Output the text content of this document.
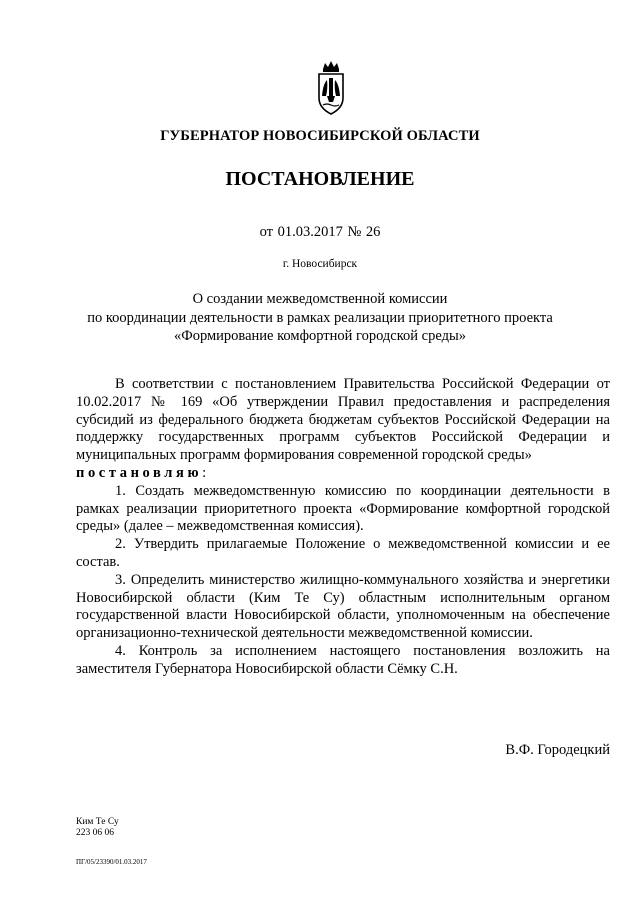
ГУБЕРНАТОР НОВОСИБИРСКОЙ ОБЛАСТИ
ПОСТАНОВЛЕНИЕ
от 01.03.2017 № 26
г. Новосибирск
О создании межведомственной комиссии
по координации деятельности в рамках реализации приоритетного проекта
«Формирование комфортной городской среды»

В соответствии с постановлением Правительства Российской Федерации от 10.02.2017 № 169 «Об утверждении Правил предоставления и распределения субсидий из федерального бюджета бюджетам субъектов Российской Федерации на поддержку государственных программ субъектов Российской Федерации и муниципальных программ формирования современной городской среды»
постановляю:

1. Создать межведомственную комиссию по координации деятельности в рамках реализации приоритетного проекта «Формирование комфортной городской среды» (далее – межведомственная комиссия).

2. Утвердить прилагаемые Положение о межведомственной комиссии и ее состав.

3. Определить министерство жилищно-коммунального хозяйства и энергетики Новосибирской области (Ким Те Су) областным исполнительным органом государственной власти Новосибирской области, уполномоченным на обеспечение организационно-технической деятельности межведомственной комиссии.

4. Контроль за исполнением настоящего постановления возложить на заместителя Губернатора Новосибирской области Сёмку С.Н.

В.Ф. Городецкий
Ким Те Су
223 06 06
ПГ/05/23390/01.03.2017
